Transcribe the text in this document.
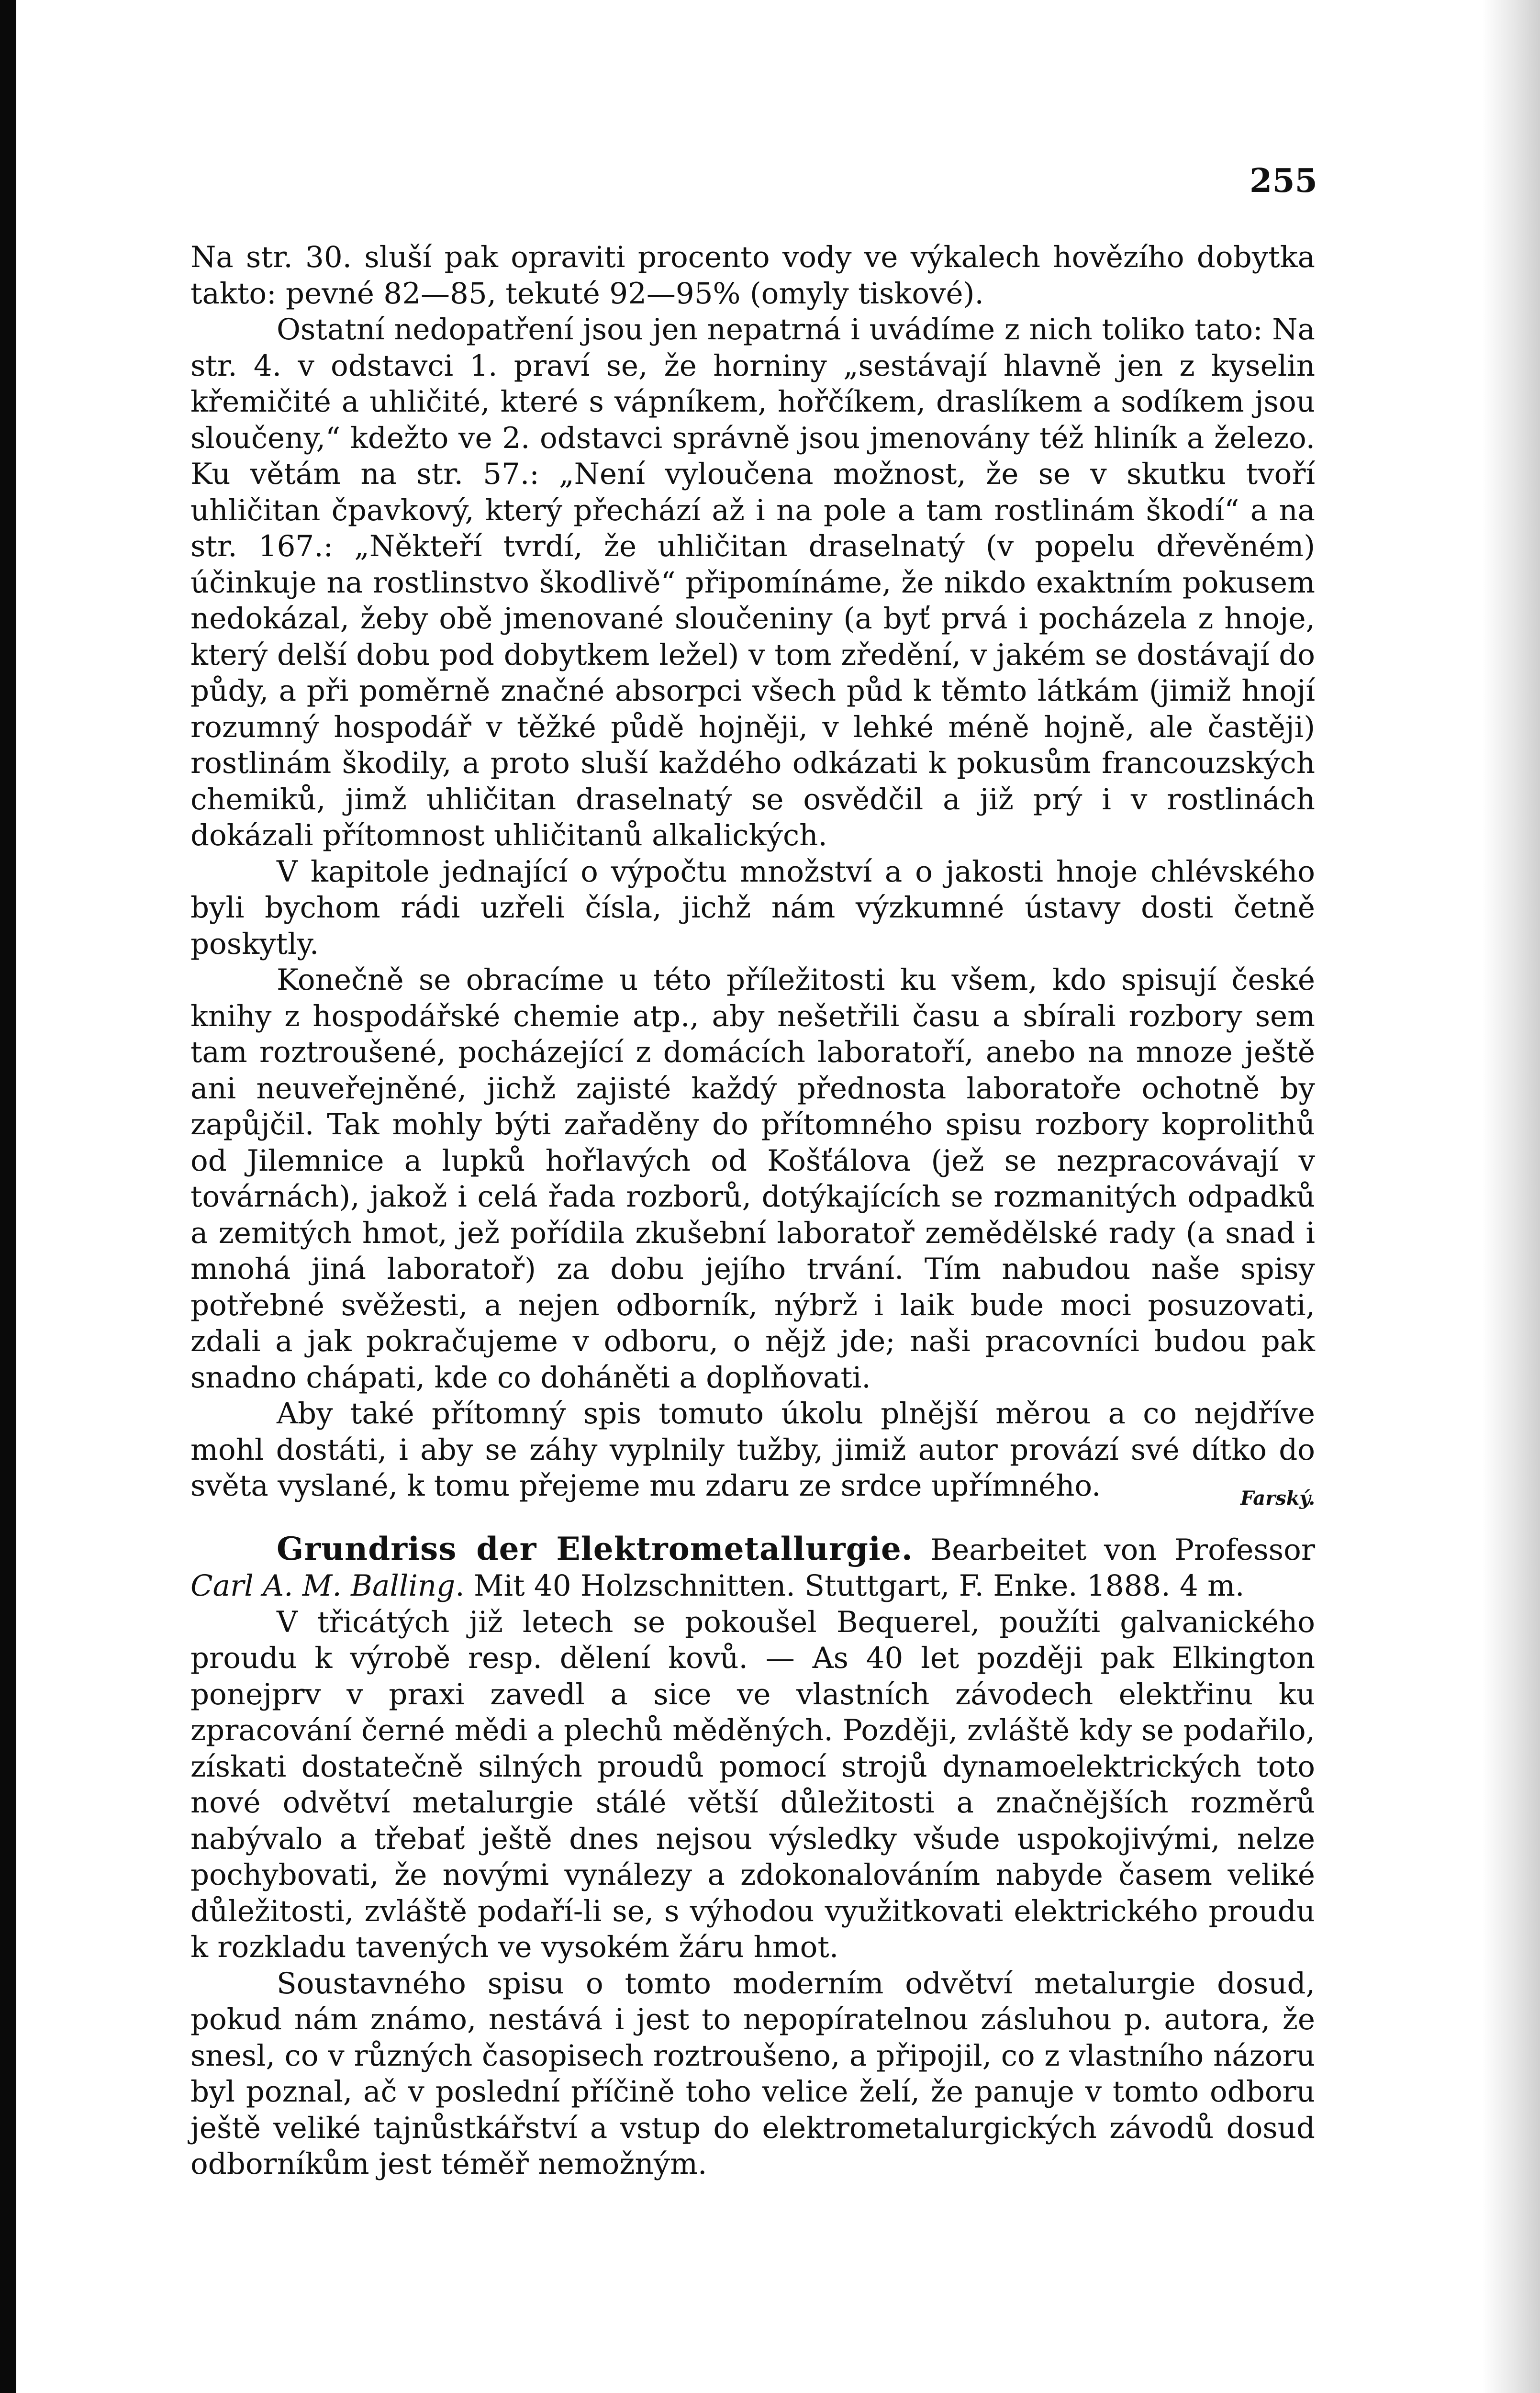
255

Na str. 30. sluší pak opraviti procento vody ve výkalech hovězího dobytka takto: pevné 82—85, tekuté 92—95% (omyly tiskové).

Ostatní nedopatření jsou jen nepatrná i uvádíme z nich toliko tato: Na str. 4. v odstavci 1. praví se, že horniny „sestávají hlavně jen z kyselin křemičité a uhličité, které s vápníkem, hořčíkem, draslíkem a sodíkem jsou sloučeny,“ kdežto ve 2. odstavci správně jsou jmenovány též hliník a železo. Ku větám na str. 57.: „Není vyloučena možnost, že se v skutku tvoří uhličitan čpavkový, který přechází až i na pole a tam rostlinám škodí“ a na str. 167.: „Někteří tvrdí, že uhličitan draselnatý (v popelu dřevěném) účinkuje na rostlinstvo škodlivě“ připomínáme, že nikdo exaktním pokusem nedokázal, žeby obě jmenované sloučeniny (a byť prvá i pocházela z hnoje, který delší dobu pod dobytkem ležel) v tom zředění, v jakém se dostávají do půdy, a při poměrně značné absorpci všech půd k těmto látkám (jimiž hnojí rozumný hospodář v těžké půdě hojněji, v lehké méně hojně, ale častěji) rostlinám škodily, a proto sluší každého odkázati k pokusům francouzských chemiků, jimž uhličitan draselnatý se osvědčil a již prý i v rostlinách dokázali přítomnost uhličitanů alkalických.

V kapitole jednající o výpočtu množství a o jakosti hnoje chlévského byli bychom rádi uzřeli čísla, jichž nám výzkumné ústavy dosti četně poskytly.

Konečně se obracíme u této příležitosti ku všem, kdo spisují české knihy z hospodářské chemie atp., aby nešetřili času a sbírali rozbory sem tam roztroušené, pocházející z domácích laboratoří, anebo na mnoze ještě ani neuveřejněné, jichž zajisté každý přednosta laboratoře ochotně by zapůjčil. Tak mohly býti zařaděny do přítomného spisu rozbory koprolithů od Jilemnice a lupků hořlavých od Košťálova (jež se nezpracovávají v továrnách), jakož i celá řada rozborů, dotýkajících se rozmanitých odpadků a zemitých hmot, jež pořídila zkušební laboratoř zemědělské rady (a snad i mnohá jiná laboratoř) za dobu jejího trvání. Tím nabudou naše spisy potřebné svěžesti, a nejen odborník, nýbrž i laik bude moci posuzovati, zdali a jak pokračujeme v odboru, o nějž jde; naši pracovníci budou pak snadno chápati, kde co doháněti a doplňovati.

Aby také přítomný spis tomuto úkolu plnější měrou a co nejdříve mohl dostáti, i aby se záhy vyplnily tužby, jimiž autor provází své dítko do světa vyslané, k tomu přejeme mu zdaru ze srdce upřímného.	Farský.

Grundriss der Elektrometallurgie. Bearbeitet von Professor Carl A. M. Balling. Mit 40 Holzschnitten. Stuttgart, F. Enke. 1888. 4 m.

V třicátých již letech se pokoušel Bequerel, použíti galvanického proudu k výrobě resp. dělení kovů. — As 40 let později pak Elkington ponejprv v praxi zavedl a sice ve vlastních závodech elektřinu ku zpracování černé mědi a plechů měděných. Později, zvláště kdy se podařilo, získati dostatečně silných proudů pomocí strojů dynamoelektrických toto nové odvětví metalurgie stálé větší důležitosti a značnějších rozměrů nabývalo a třebať ještě dnes nejsou výsledky všude uspokojivými, nelze pochybovati, že novými vynálezy a zdokonalováním nabyde časem veliké důležitosti, zvláště podaří-li se, s výhodou využitkovati elektrického proudu k rozkladu tavených ve vysokém žáru hmot.

Soustavného spisu o tomto moderním odvětví metalurgie dosud, pokud nám známo, nestává i jest to nepopíratelnou zásluhou p. autora, že snesl, co v různých časopisech roztroušeno, a připojil, co z vlastního názoru byl poznal, ač v poslední příčině toho velice želí, že panuje v tomto odboru ještě veliké tajnůstkářství a vstup do elektrometalurgických závodů dosud odborníkům jest téměř nemožným.
